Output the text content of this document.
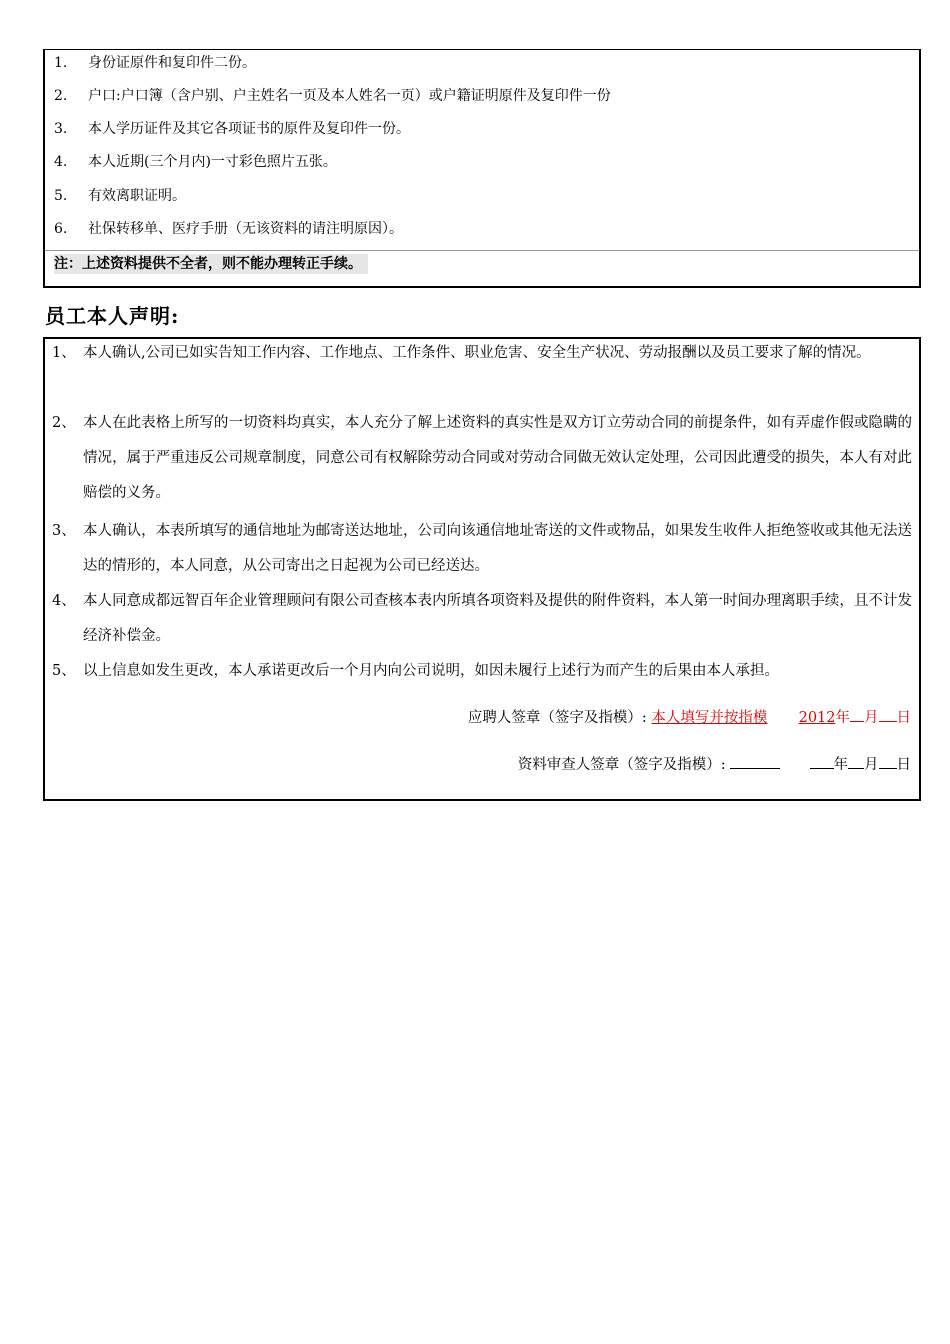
1. 身份证原件和复印件二份。
2. 户口:户口簿（含户别、户主姓名一页及本人姓名一页）或户籍证明原件及复印件一份
3. 本人学历证件及其它各项证书的原件及复印件一份。
4. 本人近期(三个月内)一寸彩色照片五张。
5. 有效离职证明。
6. 社保转移单、医疗手册（无该资料的请注明原因）。
注：上述资料提供不全者，则不能办理转正手续。
员工本人声明:
1、 本人确认,公司已如实告知工作内容、工作地点、工作条件、职业危害、安全生产状况、劳动报酬以及员工要求了解的情况。
2、 本人在此表格上所写的一切资料均真实，本人充分了解上述资料的真实性是双方订立劳动合同的前提条件，如有弄虚作假或隐瞒的情况，属于严重违反公司规章制度，同意公司有权解除劳动合同或对劳动合同做无效认定处理，公司因此遭受的损失，本人有对此赔偿的义务。
3、 本人确认，本表所填写的通信地址为邮寄送达地址，公司向该通信地址寄送的文件或物品，如果发生收件人拒绝签收或其他无法送达的情形的，本人同意，从公司寄出之日起视为公司已经送达。
4、 本人同意成都远智百年企业管理顾问有限公司查核本表内所填各项资料及提供的附件资料，本人第一时间办理离职手续，且不计发经济补偿金。
5、 以上信息如发生更改，本人承诺更改后一个月内向公司说明，如因未履行上述行为而产生的后果由本人承担。
应聘人签章（签字及指模）: 本人填写并按指模 2012年 月 日
资料审查人签章（签字及指模）:	年 月 日
